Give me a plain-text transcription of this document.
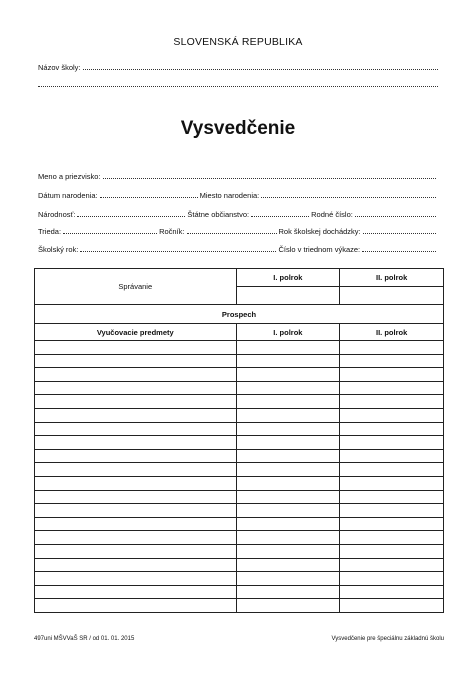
SLOVENSKÁ REPUBLIKA
Názov školy:
Vysvedčenie
Meno a priezvisko:
Dátum narodenia:	Miesto narodenia:
Národnosť:	Štátne občianstvo:	Rodné číslo:
Trieda:	Ročník:	Rok školskej dochádzky:
Školský rok:	Číslo v triednom výkaze:
Správanie	I. polrok	II. polrok

Prospech		
Vyučovacie predmety	I. polrok	II. polrok

497uni MŠVVaŠ SR / od 01. 01. 2015	Vysvedčenie pre špeciálnu základnú školu
